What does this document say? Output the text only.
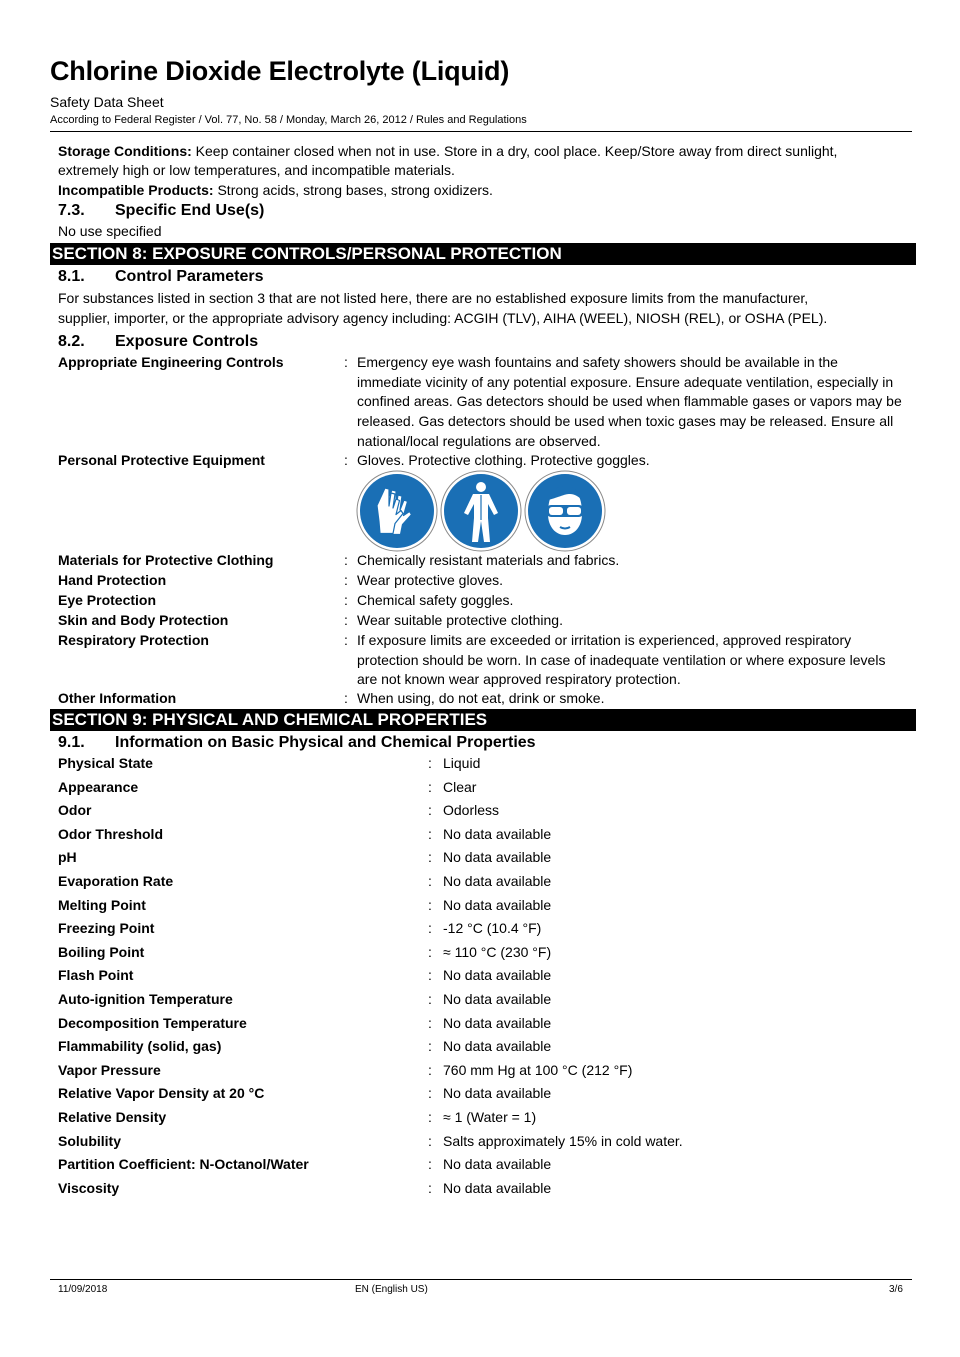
Chlorine Dioxide Electrolyte (Liquid)
Safety Data Sheet
According to Federal Register / Vol. 77, No. 58 / Monday, March 26, 2012 / Rules and Regulations
Storage Conditions: Keep container closed when not in use. Store in a dry, cool place. Keep/Store away from direct sunlight,
extremely high or low temperatures, and incompatible materials.
Incompatible Products: Strong acids, strong bases, strong oxidizers.
7.3. Specific End Use(s)
No use specified
SECTION 8: EXPOSURE CONTROLS/PERSONAL PROTECTION
8.1. Control Parameters
For substances listed in section 3 that are not listed here, there are no established exposure limits from the manufacturer,
supplier, importer, or the appropriate advisory agency including: ACGIH (TLV), AIHA (WEEL), NIOSH (REL), or OSHA (PEL).
8.2. Exposure Controls
Appropriate Engineering Controls	: Emergency eye wash fountains and safety showers should be available in the immediate vicinity of any potential exposure. Ensure adequate ventilation, especially in confined areas. Gas detectors should be used when flammable gases or vapors may be released. Gas detectors should be used when toxic gases may be released. Ensure all national/local regulations are observed.
Personal Protective Equipment	: Gloves. Protective clothing. Protective goggles.
Materials for Protective Clothing	: Chemically resistant materials and fabrics.
Hand Protection	: Wear protective gloves.
Eye Protection	: Chemical safety goggles.
Skin and Body Protection	: Wear suitable protective clothing.
Respiratory Protection	: If exposure limits are exceeded or irritation is experienced, approved respiratory protection should be worn. In case of inadequate ventilation or where exposure levels are not known wear approved respiratory protection.
Other Information	: When using, do not eat, drink or smoke.
SECTION 9: PHYSICAL AND CHEMICAL PROPERTIES
9.1. Information on Basic Physical and Chemical Properties
Physical State	: Liquid
Appearance	: Clear
Odor	: Odorless
Odor Threshold	: No data available
pH	: No data available
Evaporation Rate	: No data available
Melting Point	: No data available
Freezing Point	: -12 °C (10.4 °F)
Boiling Point	: ≈ 110 °C (230 °F)
Flash Point	: No data available
Auto-ignition Temperature	: No data available
Decomposition Temperature	: No data available
Flammability (solid, gas)	: No data available
Vapor Pressure	: 760 mm Hg at 100 °C (212 °F)
Relative Vapor Density at 20 °C	: No data available
Relative Density	: ≈ 1 (Water = 1)
Solubility	: Salts approximately 15% in cold water.
Partition Coefficient: N-Octanol/Water	: No data available
Viscosity	: No data available
11/09/2018	EN (English US)	3/6
